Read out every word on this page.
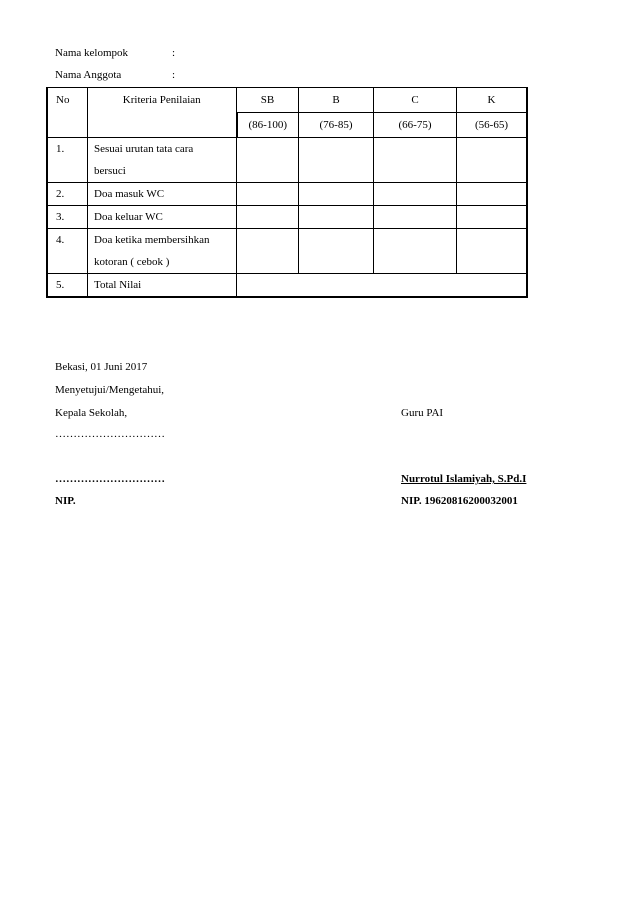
Nama kelompok	:
Nama Anggota	:
No	Kriteria Penilaian	SB	B	C	K
		(86-100)	(76-85)	(66-75)	(56-65)
1.	Sesuai urutan tata cara
bersuci				

2.	Doa masuk WC				
3.	Doa keluar WC				
4.	Doa ketika membersihkan
kotoran ( cebok )				

5.	Total Nilai				
Bekasi, 01 Juni 2017
Menyetujui/Mengetahui,
Kepala Sekolah,	Guru PAI
…………………………
…………………………	Nurrotul Islamiyah, S.Pd.I
NIP.	NIP. 1962081620003200​1
